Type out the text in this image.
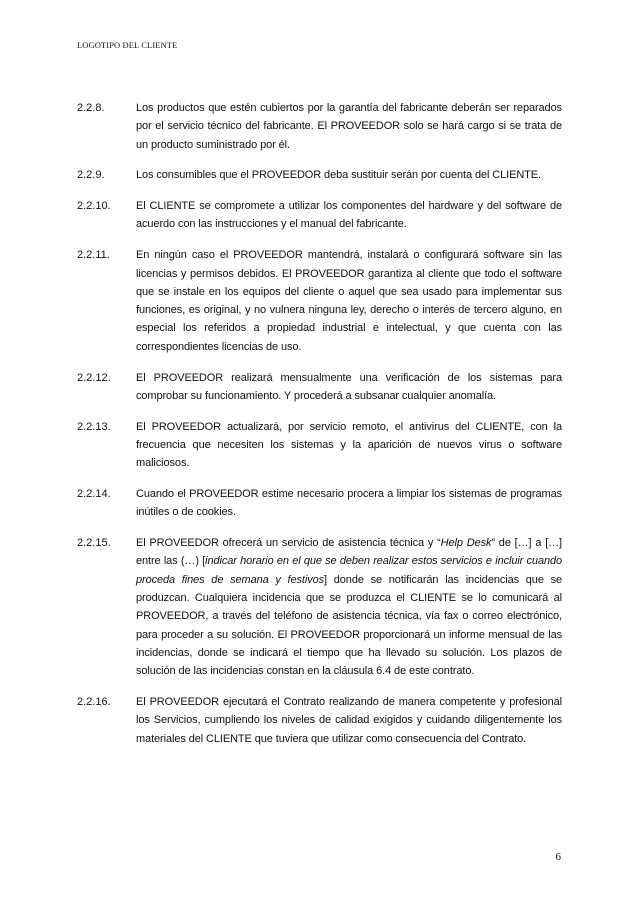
LOGOTIPO DEL CLIENTE
2.2.8.	Los productos que estén cubiertos por la garantía del fabricante deberán ser reparados por el servicio técnico del fabricante. El PROVEEDOR solo se hará cargo si se trata de un producto suministrado por él.
2.2.9.	Los consumibles que el PROVEEDOR deba sustituir serán por cuenta del CLIENTE.
2.2.10.	El CLIENTE se compromete a utilizar los componentes del hardware y del software de acuerdo con las instrucciones y el manual del fabricante.
2.2.11.	En ningún caso el PROVEEDOR mantendrá, instalará o configurará software sin las licencias y permisos debidos. El PROVEEDOR garantiza al cliente que todo el software que se instale en los equipos del cliente o aquel que sea usado para implementar sus funciones, es original, y no vulnera ninguna ley, derecho o interés de tercero alguno, en especial los referidos a propiedad industrial e intelectual, y que cuenta con las correspondientes licencias de uso.
2.2.12.	El PROVEEDOR realizará mensualmente una verificación de los sistemas para comprobar su funcionamiento. Y procederá a subsanar cualquier anomalía.
2.2.13.	El PROVEEDOR actualizará, por servicio remoto, el antivirus del CLIENTE, con la frecuencia que necesiten los sistemas y la aparición de nuevos virus o software maliciosos.
2.2.14.	Cuando el PROVEEDOR estime necesario procera a limpiar los sistemas de programas inútiles o de cookies.
2.2.15.	El PROVEEDOR ofrecerá un servicio de asistencia técnica y “Help Desk” de […] a […] entre las (…) [indicar horario en el que se deben realizar estos servicios e incluir cuando proceda fines de semana y festivos] donde se notificarán las incidencias que se produzcan. Cualquiera incidencia que se produzca el CLIENTE se lo comunicará al PROVEEDOR, a través del teléfono de asistencia técnica, vía fax o correo electrónico, para proceder a su solución. El PROVEEDOR proporcionará un informe mensual de las incidencias, donde se indicará el tiempo que ha llevado su solución. Los plazos de solución de las incidencias constan en la cláusula 6.4 de este contrato.
2.2.16.	El PROVEEDOR ejecutará el Contrato realizando de manera competente y profesional los Servicios, cumpliendo los niveles de calidad exigidos y cuidando diligentemente los materiales del CLIENTE que tuviera que utilizar como consecuencia del Contrato.
6
